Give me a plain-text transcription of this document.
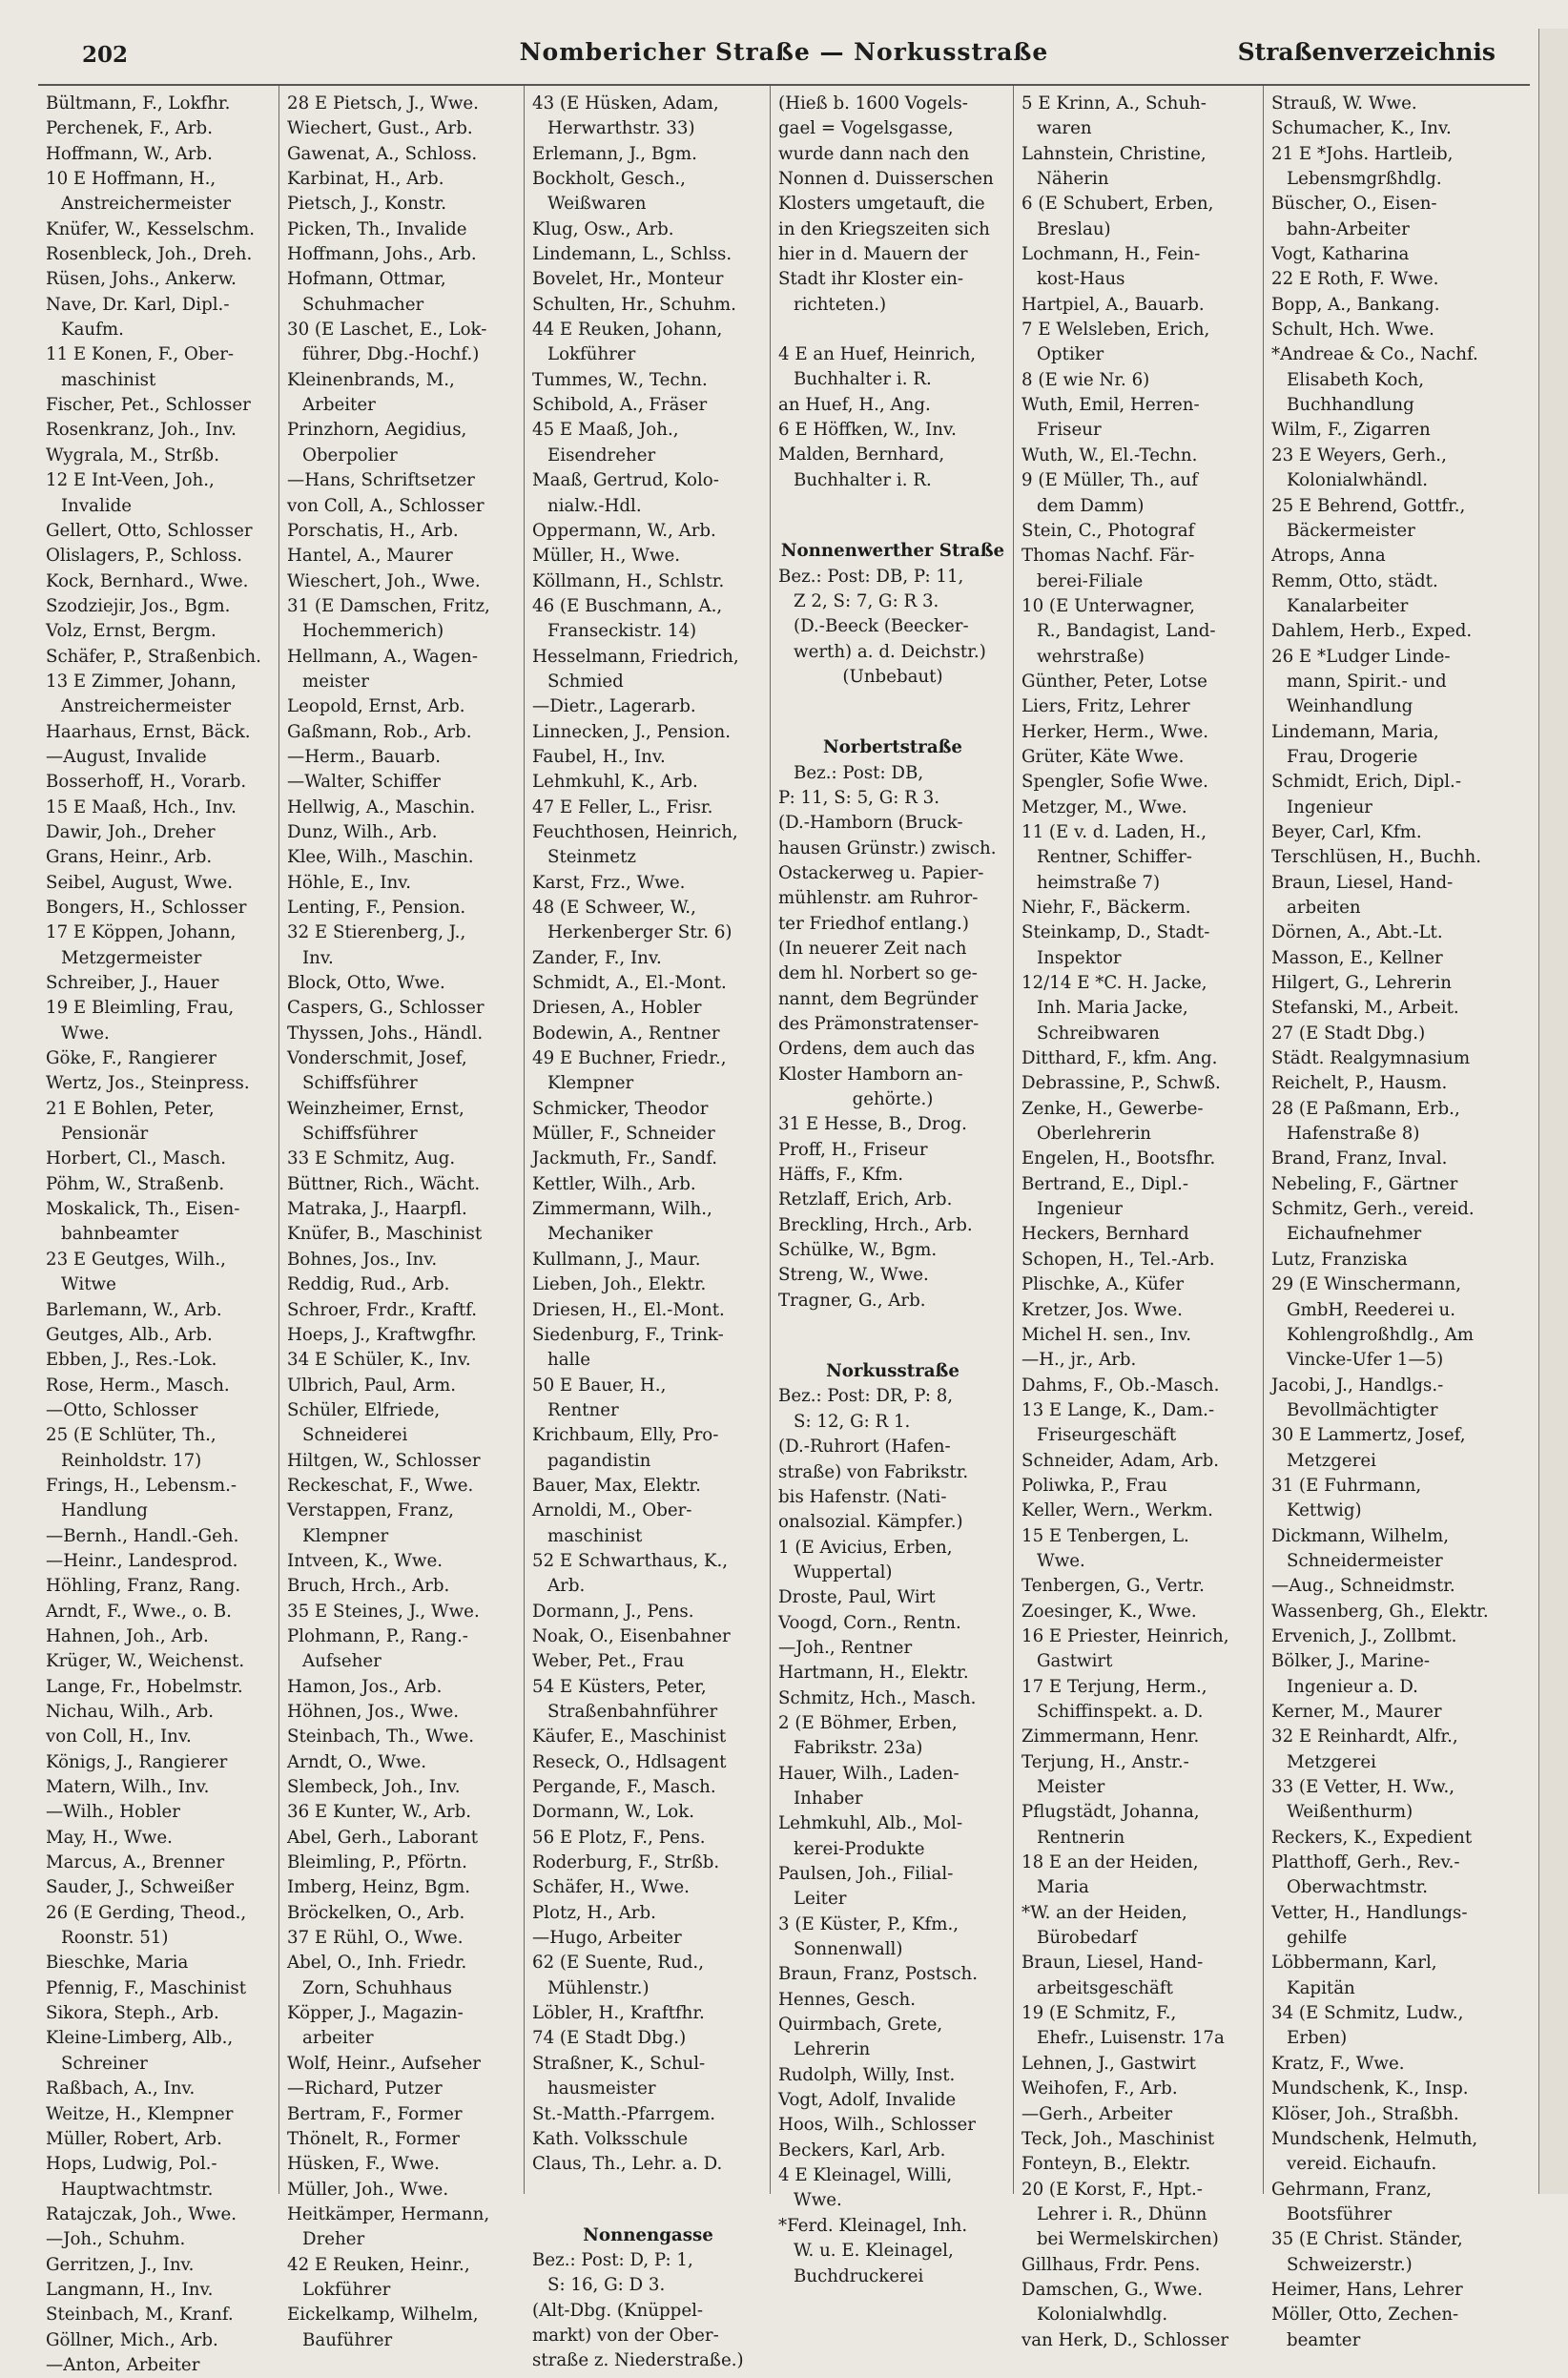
202	Nombericher Straße — Norkusstraße	Straßenverzeichnis
Bültmann, F., Lokfhr.
Perchenek, F., Arb.
Hoffmann, W., Arb.
10 E Hoffmann, H.,
Anstreichermeister
Knüfer, W., Kesselschm.
Rosenbleck, Joh., Dreh.
Rüsen, Johs., Ankerw.
Nave, Dr. Karl, Dipl.-
Kaufm.
11 E Konen, F., Ober-
maschinist
Fischer, Pet., Schlosser
Rosenkranz, Joh., Inv.
Wygrala, M., Strßb.
12 E Int-Veen, Joh.,
Invalide
Gellert, Otto, Schlosser
Olislagers, P., Schloss.
Kock, Bernhard., Wwe.
Szodziejir, Jos., Bgm.
Volz, Ernst, Bergm.
Schäfer, P., Straßenbich.
13 E Zimmer, Johann,
Anstreichermeister
Haarhaus, Ernst, Bäck.
—August, Invalide
Bosserhoff, H., Vorarb.
15 E Maaß, Hch., Inv.
Dawir, Joh., Dreher
Grans, Heinr., Arb.
Seibel, August, Wwe.
Bongers, H., Schlosser
17 E Köppen, Johann,
Metzgermeister
Schreiber, J., Hauer
19 E Bleimling, Frau,
Wwe.
Göke, F., Rangierer
Wertz, Jos., Steinpress.
21 E Bohlen, Peter,
Pensionär
Horbert, Cl., Masch.
Pöhm, W., Straßenb.
Moskalick, Th., Eisen-
bahnbeamter
23 E Geutges, Wilh.,
Witwe
Barlemann, W., Arb.
Geutges, Alb., Arb.
Ebben, J., Res.-Lok.
Rose, Herm., Masch.
—Otto, Schlosser
25 (E Schlüter, Th.,
Reinholdstr. 17)
Frings, H., Lebensm.-
Handlung
—Bernh., Handl.-Geh.
—Heinr., Landesprod.
Höhling, Franz, Rang.
Arndt, F., Wwe., o. B.
Hahnen, Joh., Arb.
Krüger, W., Weichenst.
Lange, Fr., Hobelmstr.
Nichau, Wilh., Arb.
von Coll, H., Inv.
Königs, J., Rangierer
Matern, Wilh., Inv.
—Wilh., Hobler
May, H., Wwe.
Marcus, A., Brenner
Sauder, J., Schweißer
26 (E Gerding, Theod.,
Roonstr. 51)
Bieschke, Maria
Pfennig, F., Maschinist
Sikora, Steph., Arb.
Kleine-Limberg, Alb.,
Schreiner
Raßbach, A., Inv.
Weitze, H., Klempner
Müller, Robert, Arb.
Hops, Ludwig, Pol.-
Hauptwachtmstr.
Ratajczak, Joh., Wwe.
—Joh., Schuhm.
Gerritzen, J., Inv.
Langmann, H., Inv.
Steinbach, M., Kranf.
Göllner, Mich., Arb.
—Anton, Arbeiter
28 E Pietsch, J., Wwe.
Wiechert, Gust., Arb.
Gawenat, A., Schloss.
Karbinat, H., Arb.
Pietsch, J., Konstr.
Picken, Th., Invalide
Hoffmann, Johs., Arb.
Hofmann, Ottmar,
Schuhmacher
30 (E Laschet, E., Lok-
führer, Dbg.-Hochf.)
Kleinenbrands, M.,
Arbeiter
Prinzhorn, Aegidius,
Oberpolier
—Hans, Schriftsetzer
von Coll, A., Schlosser
Porschatis, H., Arb.
Hantel, A., Maurer
Wieschert, Joh., Wwe.
31 (E Damschen, Fritz,
Hochemmerich)
Hellmann, A., Wagen-
meister
Leopold, Ernst, Arb.
Gaßmann, Rob., Arb.
—Herm., Bauarb.
—Walter, Schiffer
Hellwig, A., Maschin.
Dunz, Wilh., Arb.
Klee, Wilh., Maschin.
Höhle, E., Inv.
Lenting, F., Pension.
32 E Stierenberg, J.,
Inv.
Block, Otto, Wwe.
Caspers, G., Schlosser
Thyssen, Johs., Händl.
Vonderschmit, Josef,
Schiffsführer
Weinzheimer, Ernst,
Schiffsführer
33 E Schmitz, Aug.
Büttner, Rich., Wächt.
Matraka, J., Haarpfl.
Knüfer, B., Maschinist
Bohnes, Jos., Inv.
Reddig, Rud., Arb.
Schroer, Frdr., Kraftf.
Hoeps, J., Kraftwgfhr.
34 E Schüler, K., Inv.
Ulbrich, Paul, Arm.
Schüler, Elfriede,
Schneiderei
Hiltgen, W., Schlosser
Reckeschat, F., Wwe.
Verstappen, Franz,
Klempner
Intveen, K., Wwe.
Bruch, Hrch., Arb.
35 E Steines, J., Wwe.
Plohmann, P., Rang.-
Aufseher
Hamon, Jos., Arb.
Höhnen, Jos., Wwe.
Steinbach, Th., Wwe.
Arndt, O., Wwe.
Slembeck, Joh., Inv.
36 E Kunter, W., Arb.
Abel, Gerh., Laborant
Bleimling, P., Pförtn.
Imberg, Heinz, Bgm.
Bröckelken, O., Arb.
37 E Rühl, O., Wwe.
Abel, O., Inh. Friedr.
Zorn, Schuhhaus
Köpper, J., Magazin-
arbeiter
Wolf, Heinr., Aufseher
—Richard, Putzer
Bertram, F., Former
Thönelt, R., Former
Hüsken, F., Wwe.
Müller, Joh., Wwe.
Heitkämper, Hermann,
Dreher
42 E Reuken, Heinr.,
Lokführer
Eickelkamp, Wilhelm,
Bauführer
43 (E Hüsken, Adam,
Herwarthstr. 33)
Erlemann, J., Bgm.
Bockholt, Gesch.,
Weißwaren
Klug, Osw., Arb.
Lindemann, L., Schlss.
Bovelet, Hr., Monteur
Schulten, Hr., Schuhm.
44 E Reuken, Johann,
Lokführer
Tummes, W., Techn.
Schibold, A., Fräser
45 E Maaß, Joh.,
Eisendreher
Maaß, Gertrud, Kolo-
nialw.-Hdl.
Oppermann, W., Arb.
Müller, H., Wwe.
Köllmann, H., Schlstr.
46 (E Buschmann, A.,
Franseckistr. 14)
Hesselmann, Friedrich,
Schmied
—Dietr., Lagerarb.
Linnecken, J., Pension.
Faubel, H., Inv.
Lehmkuhl, K., Arb.
47 E Feller, L., Frisr.
Feuchthosen, Heinrich,
Steinmetz
Karst, Frz., Wwe.
48 (E Schweer, W.,
Herkenberger Str. 6)
Zander, F., Inv.
Schmidt, A., El.-Mont.
Driesen, A., Hobler
Bodewin, A., Rentner
49 E Buchner, Friedr.,
Klempner
Schmicker, Theodor
Müller, F., Schneider
Jackmuth, Fr., Sandf.
Kettler, Wilh., Arb.
Zimmermann, Wilh.,
Mechaniker
Kullmann, J., Maur.
Lieben, Joh., Elektr.
Driesen, H., El.-Mont.
Siedenburg, F., Trink-
halle
50 E Bauer, H.,
Rentner
Krichbaum, Elly, Pro-
pagandistin
Bauer, Max, Elektr.
Arnoldi, M., Ober-
maschinist
52 E Schwarthaus, K.,
Arb.
Dormann, J., Pens.
Noak, O., Eisenbahner
Weber, Pet., Frau
54 E Küsters, Peter,
Straßenbahnführer
Käufer, E., Maschinist
Reseck, O., Hdlsagent
Pergande, F., Masch.
Dormann, W., Lok.
56 E Plotz, F., Pens.
Roderburg, F., Strßb.
Schäfer, H., Wwe.
Plotz, H., Arb.
—Hugo, Arbeiter
62 (E Suente, Rud.,
Mühlenstr.)
Löbler, H., Kraftfhr.
74 (E Stadt Dbg.)
Straßner, K., Schul-
hausmeister
St.-Matth.-Pfarrgem.
Kath. Volksschule
Claus, Th., Lehr. a. D.
Nonnengasse
Bez.: Post: D, P: 1,
S: 16, G: D 3.
(Alt-Dbg. (Knüppel-
markt) von der Ober-
straße z. Niederstraße.)
(Hieß b. 1600 Vogels-
gael = Vogelsgasse,
wurde dann nach den
Nonnen d. Duisserschen
Klosters umgetauft, die
in den Kriegszeiten sich
hier in d. Mauern der
Stadt ihr Kloster ein-
richteten.)
4 E an Huef, Heinrich,
Buchhalter i. R.
an Huef, H., Ang.
6 E Höffken, W., Inv.
Malden, Bernhard,
Buchhalter i. R.
Nonnenwerther Straße
Bez.: Post: DB, P: 11,
Z 2, S: 7, G: R 3.
(D.-Beeck (Beecker-
werth) a. d. Deichstr.)
(Unbebaut)
Norbertstraße
Bez.: Post: DB,
P: 11, S: 5, G: R 3.
(D.-Hamborn (Bruck-
hausen Grünstr.) zwisch.
Ostackerweg u. Papier-
mühlenstr. am Ruhror-
ter Friedhof entlang.)
(In neuerer Zeit nach
dem hl. Norbert so ge-
nannt, dem Begründer
des Prämonstratenser-
Ordens, dem auch das
Kloster Hamborn an-
gehörte.)
31 E Hesse, B., Drog.
Proff, H., Friseur
Häffs, F., Kfm.
Retzlaff, Erich, Arb.
Breckling, Hrch., Arb.
Schülke, W., Bgm.
Streng, W., Wwe.
Tragner, G., Arb.
Norkusstraße
Bez.: Post: DR, P: 8,
S: 12, G: R 1.
(D.-Ruhrort (Hafen-
straße) von Fabrikstr.
bis Hafenstr. (Nati-
onalsozial. Kämpfer.)
1 (E Avicius, Erben,
Wuppertal)
Droste, Paul, Wirt
Voogd, Corn., Rentn.
—Joh., Rentner
Hartmann, H., Elektr.
Schmitz, Hch., Masch.
2 (E Böhmer, Erben,
Fabrikstr. 23a)
Hauer, Wilh., Laden-
Inhaber
Lehmkuhl, Alb., Mol-
kerei-Produkte
Paulsen, Joh., Filial-
Leiter
3 (E Küster, P., Kfm.,
Sonnenwall)
Braun, Franz, Postsch.
Hennes, Gesch.
Quirmbach, Grete,
Lehrerin
Rudolph, Willy, Inst.
Vogt, Adolf, Invalide
Hoos, Wilh., Schlosser
Beckers, Karl, Arb.
4 E Kleinagel, Willi,
Wwe.
*Ferd. Kleinagel, Inh.
W. u. E. Kleinagel,
Buchdruckerei
5 E Krinn, A., Schuh-
waren
Lahnstein, Christine,
Näherin
6 (E Schubert, Erben,
Breslau)
Lochmann, H., Fein-
kost-Haus
Hartpiel, A., Bauarb.
7 E Welsleben, Erich,
Optiker
8 (E wie Nr. 6)
Wuth, Emil, Herren-
Friseur
Wuth, W., El.-Techn.
9 (E Müller, Th., auf
dem Damm)
Stein, C., Photograf
Thomas Nachf. Fär-
berei-Filiale
10 (E Unterwagner,
R., Bandagist, Land-
wehrstraße)
Günther, Peter, Lotse
Liers, Fritz, Lehrer
Herker, Herm., Wwe.
Grüter, Käte Wwe.
Spengler, Sofie Wwe.
Metzger, M., Wwe.
11 (E v. d. Laden, H.,
Rentner, Schiffer-
heimstraße 7)
Niehr, F., Bäckerm.
Steinkamp, D., Stadt-
Inspektor
12/14 E *C. H. Jacke,
Inh. Maria Jacke,
Schreibwaren
Ditthard, F., kfm. Ang.
Debrassine, P., Schwß.
Zenke, H., Gewerbe-
Oberlehrerin
Engelen, H., Bootsfhr.
Bertrand, E., Dipl.-
Ingenieur
Heckers, Bernhard
Schopen, H., Tel.-Arb.
Plischke, A., Küfer
Kretzer, Jos. Wwe.
Michel H. sen., Inv.
—H., jr., Arb.
Dahms, F., Ob.-Masch.
13 E Lange, K., Dam.-
Friseurgeschäft
Schneider, Adam, Arb.
Poliwka, P., Frau
Keller, Wern., Werkm.
15 E Tenbergen, L.
Wwe.
Tenbergen, G., Vertr.
Zoesinger, K., Wwe.
16 E Priester, Heinrich,
Gastwirt
17 E Terjung, Herm.,
Schiffinspekt. a. D.
Zimmermann, Henr.
Terjung, H., Anstr.-
Meister
Pflugstädt, Johanna,
Rentnerin
18 E an der Heiden,
Maria
*W. an der Heiden,
Bürobedarf
Braun, Liesel, Hand-
arbeitsgeschäft
19 (E Schmitz, F.,
Ehefr., Luisenstr. 17a
Lehnen, J., Gastwirt
Weihofen, F., Arb.
—Gerh., Arbeiter
Teck, Joh., Maschinist
Fonteyn, B., Elektr.
20 (E Korst, F., Hpt.-
Lehrer i. R., Dhünn
bei Wermelskirchen)
Gillhaus, Frdr. Pens.
Damschen, G., Wwe.
Kolonialwhdlg.
van Herk, D., Schlosser
Strauß, W. Wwe.
Schumacher, K., Inv.
21 E *Johs. Hartleib,
Lebensmgrßhdlg.
Büscher, O., Eisen-
bahn-Arbeiter
Vogt, Katharina
22 E Roth, F. Wwe.
Bopp, A., Bankang.
Schult, Hch. Wwe.
*Andreae & Co., Nachf.
Elisabeth Koch,
Buchhandlung
Wilm, F., Zigarren
23 E Weyers, Gerh.,
Kolonialwhändl.
25 E Behrend, Gottfr.,
Bäckermeister
Atrops, Anna
Remm, Otto, städt.
Kanalarbeiter
Dahlem, Herb., Exped.
26 E *Ludger Linde-
mann, Spirit.- und
Weinhandlung
Lindemann, Maria,
Frau, Drogerie
Schmidt, Erich, Dipl.-
Ingenieur
Beyer, Carl, Kfm.
Terschlüsen, H., Buchh.
Braun, Liesel, Hand-
arbeiten
Dörnen, A., Abt.-Lt.
Masson, E., Kellner
Hilgert, G., Lehrerin
Stefanski, M., Arbeit.
27 (E Stadt Dbg.)
Städt. Realgymnasium
Reichelt, P., Hausm.
28 (E Paßmann, Erb.,
Hafenstraße 8)
Brand, Franz, Inval.
Nebeling, F., Gärtner
Schmitz, Gerh., vereid.
Eichaufnehmer
Lutz, Franziska
29 (E Winschermann,
GmbH, Reederei u.
Kohlengroßhdlg., Am
Vincke-Ufer 1—5)
Jacobi, J., Handlgs.-
Bevollmächtigter
30 E Lammertz, Josef,
Metzgerei
31 (E Fuhrmann,
Kettwig)
Dickmann, Wilhelm,
Schneidermeister
—Aug., Schneidmstr.
Wassenberg, Gh., Elektr.
Ervenich, J., Zollbmt.
Bölker, J., Marine-
Ingenieur a. D.
Kerner, M., Maurer
32 E Reinhardt, Alfr.,
Metzgerei
33 (E Vetter, H. Ww.,
Weißenthurm)
Reckers, K., Expedient
Platthoff, Gerh., Rev.-
Oberwachtmstr.
Vetter, H., Handlungs-
gehilfe
Löbbermann, Karl,
Kapitän
34 (E Schmitz, Ludw.,
Erben)
Kratz, F., Wwe.
Mundschenk, K., Insp.
Klöser, Joh., Straßbh.
Mundschenk, Helmuth,
vereid. Eichaufn.
Gehrmann, Franz,
Bootsführer
35 (E Christ. Ständer,
Schweizerstr.)
Heimer, Hans, Lehrer
Möller, Otto, Zechen-
beamter
